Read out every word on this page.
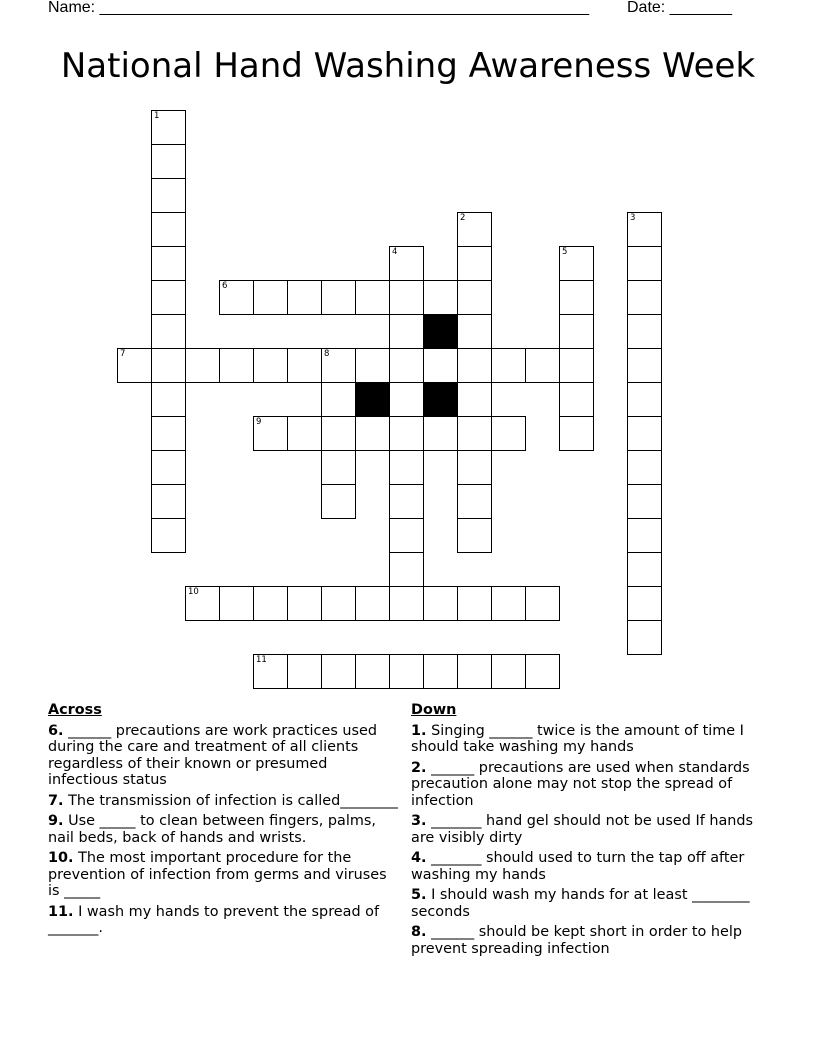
Name: _______________________________________________________ Date: _______
National Hand Washing Awareness Week
1
2	3
4	5
6
7	8
9
10
11
Across
6. ______ precautions are work practices used during the care and treatment of all clients regardless of their known or presumed infectious status
7. The transmission of infection is called________
9. Use _____ to clean between fingers, palms, nail beds, back of hands and wrists.
10. The most important procedure for the prevention of infection from germs and viruses is _____
11. I wash my hands to prevent the spread of _______.
Down
1. Singing ______ twice is the amount of time I should take washing my hands
2. ______ precautions are used when standards precaution alone may not stop the spread of infection
3. _______ hand gel should not be used If hands are visibly dirty
4. _______ should used to turn the tap off after washing my hands
5. I should wash my hands for at least ________ seconds
8. ______ should be kept short in order to help prevent spreading infection
